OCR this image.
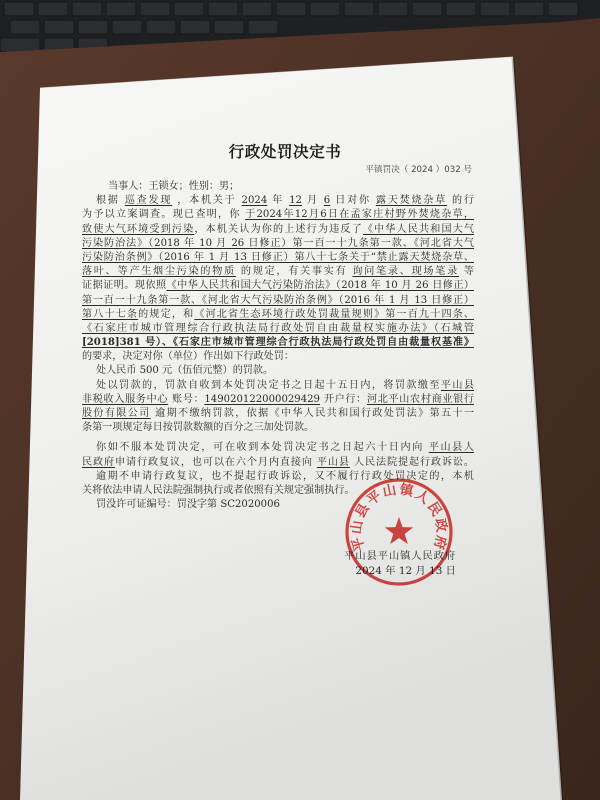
行政处罚决定书
平镇罚决（ 2024 ）032 号
当事人：王锁女；性别：男；
根据 巡查发现 ，本机关于 2024 年 12 月 6 日对你 露天焚烧杂草 的行
为予以立案调查。现已查明，你 于2024年12月6日在孟家庄村野外焚烧杂草，
致使大气环境受到污染，本机关认为你的上述行为违反了《中华人民共和国大气
污染防治法》（2018 年 10 月 26 日修正）第一百一十九条第一款、《河北省大气
污染防治条例》（2016 年 1 月 13 日修正）第八十七条关于“禁止露天焚烧杂草、
落叶、等产生烟尘污染的物质 的规定，有关事实有 询问笔录、现场笔录 等
证据证明。现依照《中华人民共和国大气污染防治法》（2018 年 10 月 26 日修正）
第一百一十九条第一款、《河北省大气污染防治条例》（2016 年 1 月 13 日修正）
第八十七条的规定，和《河北省生态环境行政处罚裁量规则》第一百九十四条、
《石家庄市城市管理综合行政执法局行政处罚自由裁量权实施办法》（石城管
[2018]381 号）、《石家庄市城市管理综合行政执法局行政处罚自由裁量权基准》
的要求，决定对你（单位）作出如下行政处罚：
处人民币 500 元（伍佰元整）的罚款。
处以罚款的，罚款自收到本处罚决定书之日起十五日内，将罚款缴至平山县
非税收入服务中心 账号：149020122000029429 开户行：河北平山农村商业银行
股份有限公司 逾期不缴纳罚款，依据《中华人民共和国行政处罚法》第五十一
条第一项规定每日按罚款数额的百分之三加处罚款。
你如不服本处罚决定，可在收到本处罚决定书之日起六十日内向 平山县人
民政府申请行政复议，也可以在六个月内直接向 平山县 人民法院提起行政诉讼。
逾期不申请行政复议，也不提起行政诉讼，又不履行行政处罚决定的，本机
关将依法申请人民法院强制执行或者依照有关规定强制执行。
罚没许可证编号：罚没字第 SC2020006
平山县平山镇人民政府
2024 年 12 月 13 日
平山县平山镇人民政府
